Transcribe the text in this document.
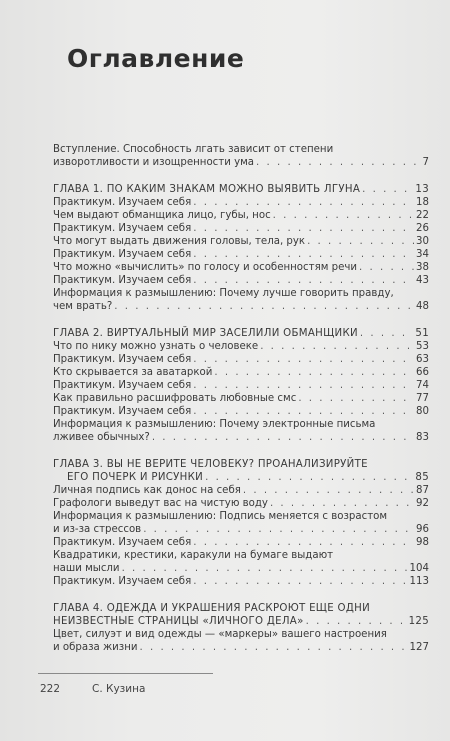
Оглавление
Вступление. Способность лгать зависит от степени
изворотливости и изощренности ума . . .	7
ГЛАВА 1. ПО КАКИМ ЗНАКАМ МОЖНО ВЫЯВИТЬ ЛГУНА . . .	13
Практикум. Изучаем себя . . .	18
Чем выдают обманщика лицо, губы, нос . . .	22
Практикум. Изучаем себя . . .	26
Что могут выдать движения головы, тела, рук . . .	30
Практикум. Изучаем себя . . .	34
Что можно «вычислить» по голосу и особенностям речи . . .	38
Практикум. Изучаем себя . . .	43
Информация к размышлению: Почему лучше говорить правду,
чем врать? . . .	48
ГЛАВА 2. ВИРТУАЛЬНЫЙ МИР ЗАСЕЛИЛИ ОБМАНЩИКИ . . .	51
Что по нику можно узнать о человеке . . .	53
Практикум. Изучаем себя . . .	63
Кто скрывается за аватаркой . . .	66
Практикум. Изучаем себя . . .	74
Как правильно расшифровать любовные смс . . .	77
Практикум. Изучаем себя . . .	80
Информация к размышлению: Почему электронные письма
лживее обычных? . . .	83
ГЛАВА 3. ВЫ НЕ ВЕРИТЕ ЧЕЛОВЕКУ? ПРОАНАЛИЗИРУЙТЕ
ЕГО ПОЧЕРК И РИСУНКИ . . .	85
Личная подпись как донос на себя . . .	87
Графологи выведут вас на чистую воду . . .	92
Информация к размышлению: Подпись меняется с возрастом
и из-за стрессов . . .	96
Практикум. Изучаем себя . . .	98
Квадратики, крестики, каракули на бумаге выдают
наши мысли . . .	104
Практикум. Изучаем себя . . .	113
ГЛАВА 4. ОДЕЖДА И УКРАШЕНИЯ РАСКРОЮТ ЕЩЕ ОДНИ
НЕИЗВЕСТНЫЕ СТРАНИЦЫ «ЛИЧНОГО ДЕЛА» . . .	125
Цвет, силуэт и вид одежды — «маркеры» вашего настроения
и образа жизни . . .	127
222	С. Кузина
